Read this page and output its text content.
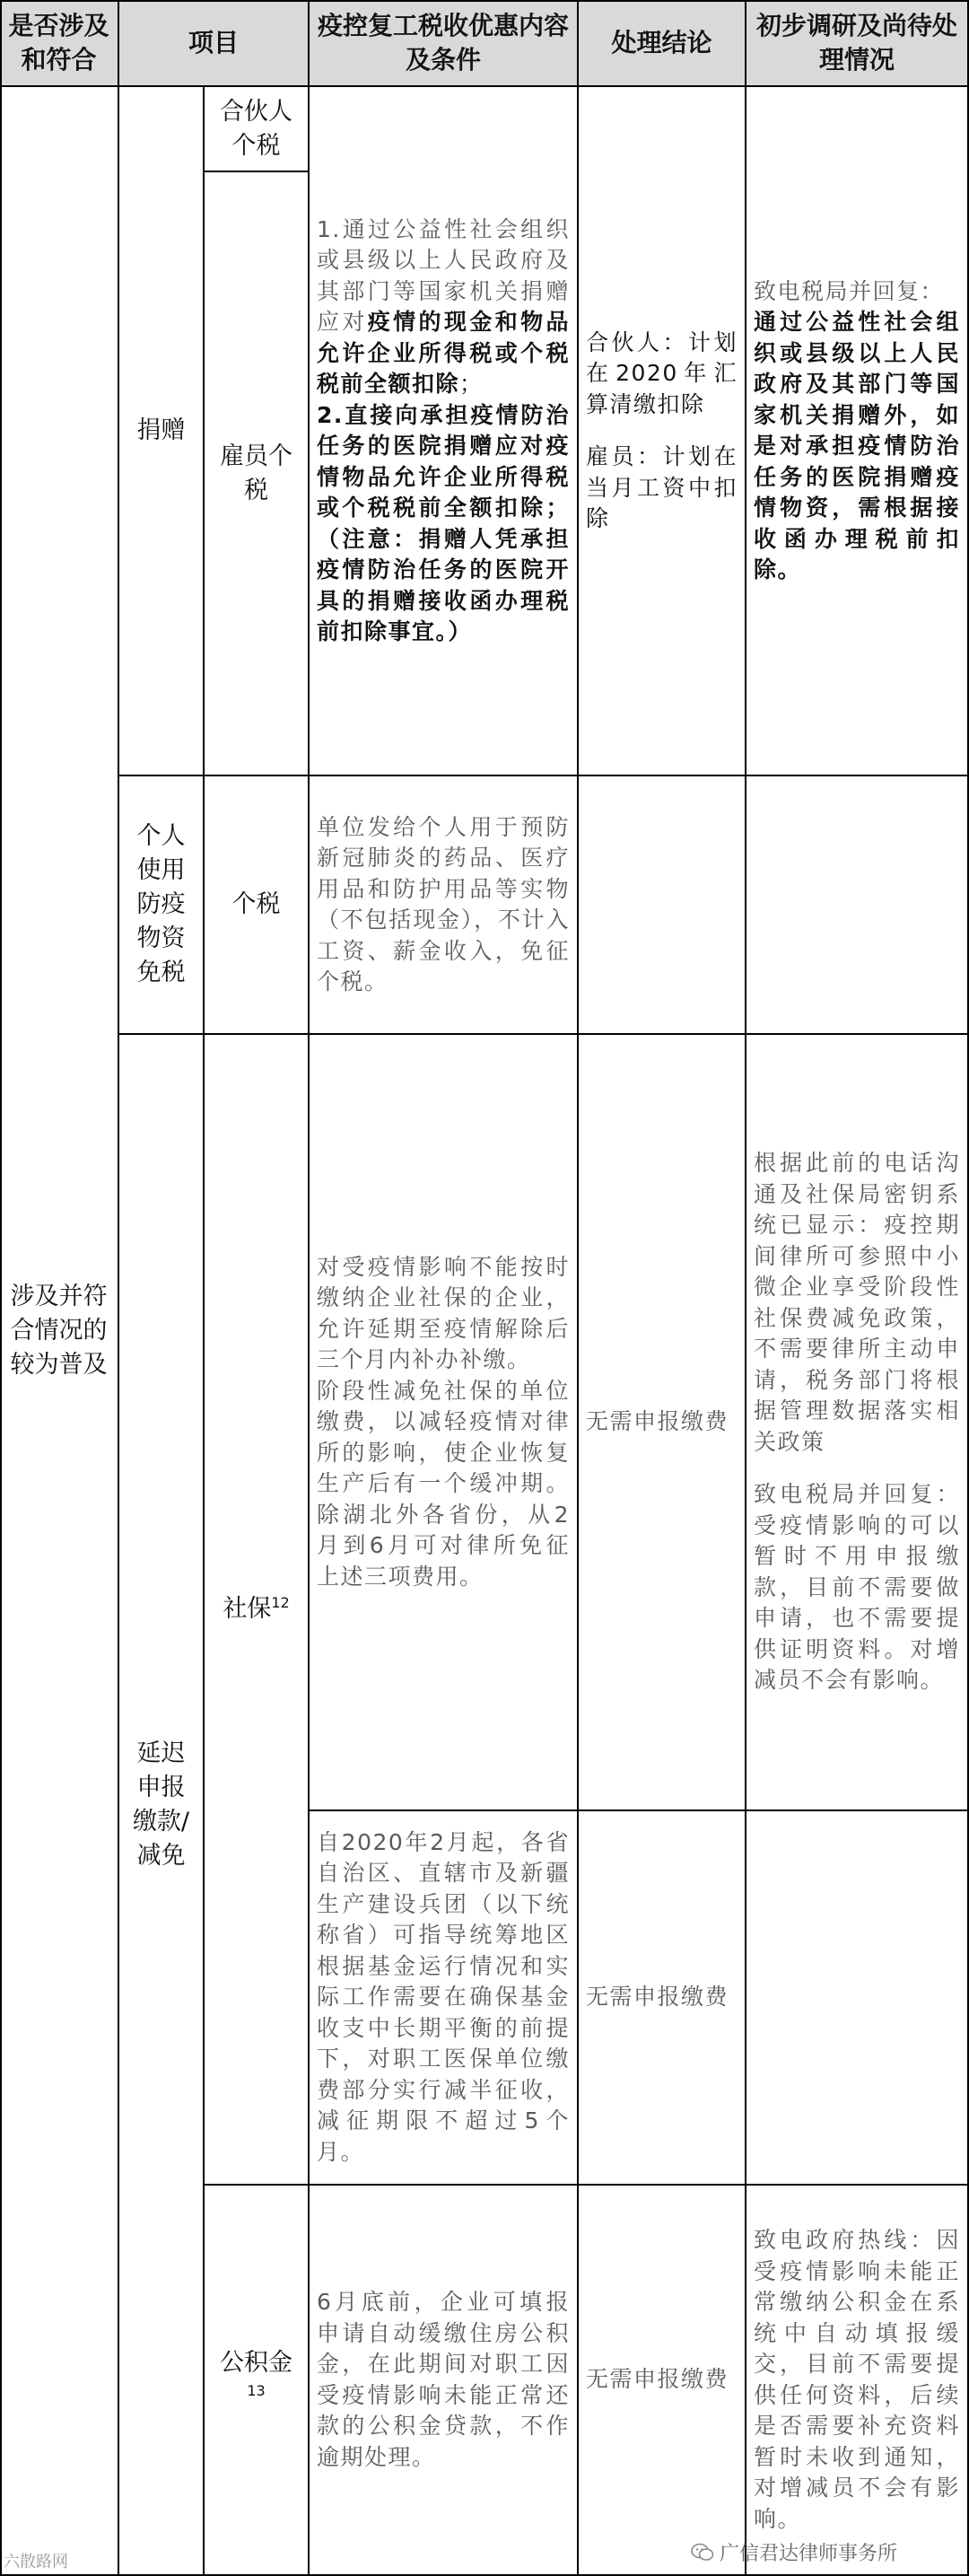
是否涉及和符合
项目
疫控复工税收优惠内容及条件
处理结论
初步调研及尚待处理情况
涉及并符合情况的较为普及
捐赠
合伙人个税
雇员个税

1.通过公益性社会组织或县级以上人民政府及其部门等国家机关捐赠应对疫情的现金和物品允许企业所得税或个税税前全额扣除；

2.直接向承担疫情防治任务的医院捐赠应对疫情物品允许企业所得税或个税税前全额扣除；（注意：捐赠人凭承担疫情防治任务的医院开具的捐赠接收函办理税前扣除事宜。）

合伙人：计划在2020年汇算清缴扣除

雇员：计划在当月工资中扣除

致电税局并回复：

通过公益性社会组织或县级以上人民政府及其部门等国家机关捐赠外，如是对承担疫情防治任务的医院捐赠疫情物资，需根据接收函办理税前扣除。

个人使用防疫物资免税
个税

单位发给个人用于预防新冠肺炎的药品、医疗用品和防护用品等实物（不包括现金），不计入工资、薪金收入，免征个税。

延迟申报缴款/减免
社保$^{12}$

对受疫情影响不能按时缴纳企业社保的企业，允许延期至疫情解除后三个月内补办补缴。

阶段性减免社保的单位缴费，以减轻疫情对律所的影响，使企业恢复生产后有一个缓冲期。除湖北外各省份，从2月到6月可对律所免征上述三项费用。

无需申报缴费

根据此前的电话沟通及社保局密钥系统已显示：疫控期间律所可参照中小微企业享受阶段性社保费减免政策，不需要律所主动申请，税务部门将根据管理数据落实相关政策

致电税局并回复：受疫情影响的可以暂时不用申报缴款，目前不需要做申请，也不需要提供证明资料。对增减员不会有影响。

自2020年2月起，各省自治区、直辖市及新疆生产建设兵团（以下统称省）可指导统筹地区根据基金运行情况和实际工作需要在确保基金收支中长期平衡的前提下，对职工医保单位缴费部分实行减半征收，减征期限不超过5个月。

无需申报缴费

公积金$^{13}$

6月底前，企业可填报申请自动缓缴住房公积金，在此期间对职工因受疫情影响未能正常还款的公积金贷款，不作逾期处理。

无需申报缴费

致电政府热线：因受疫情影响未能正常缴纳公积金在系统中自动填报缓交，目前不需要提供任何资料，后续是否需要补充资料暂时未收到通知，对增减员不会有影响。

六散路网	广信君达律师事务所
